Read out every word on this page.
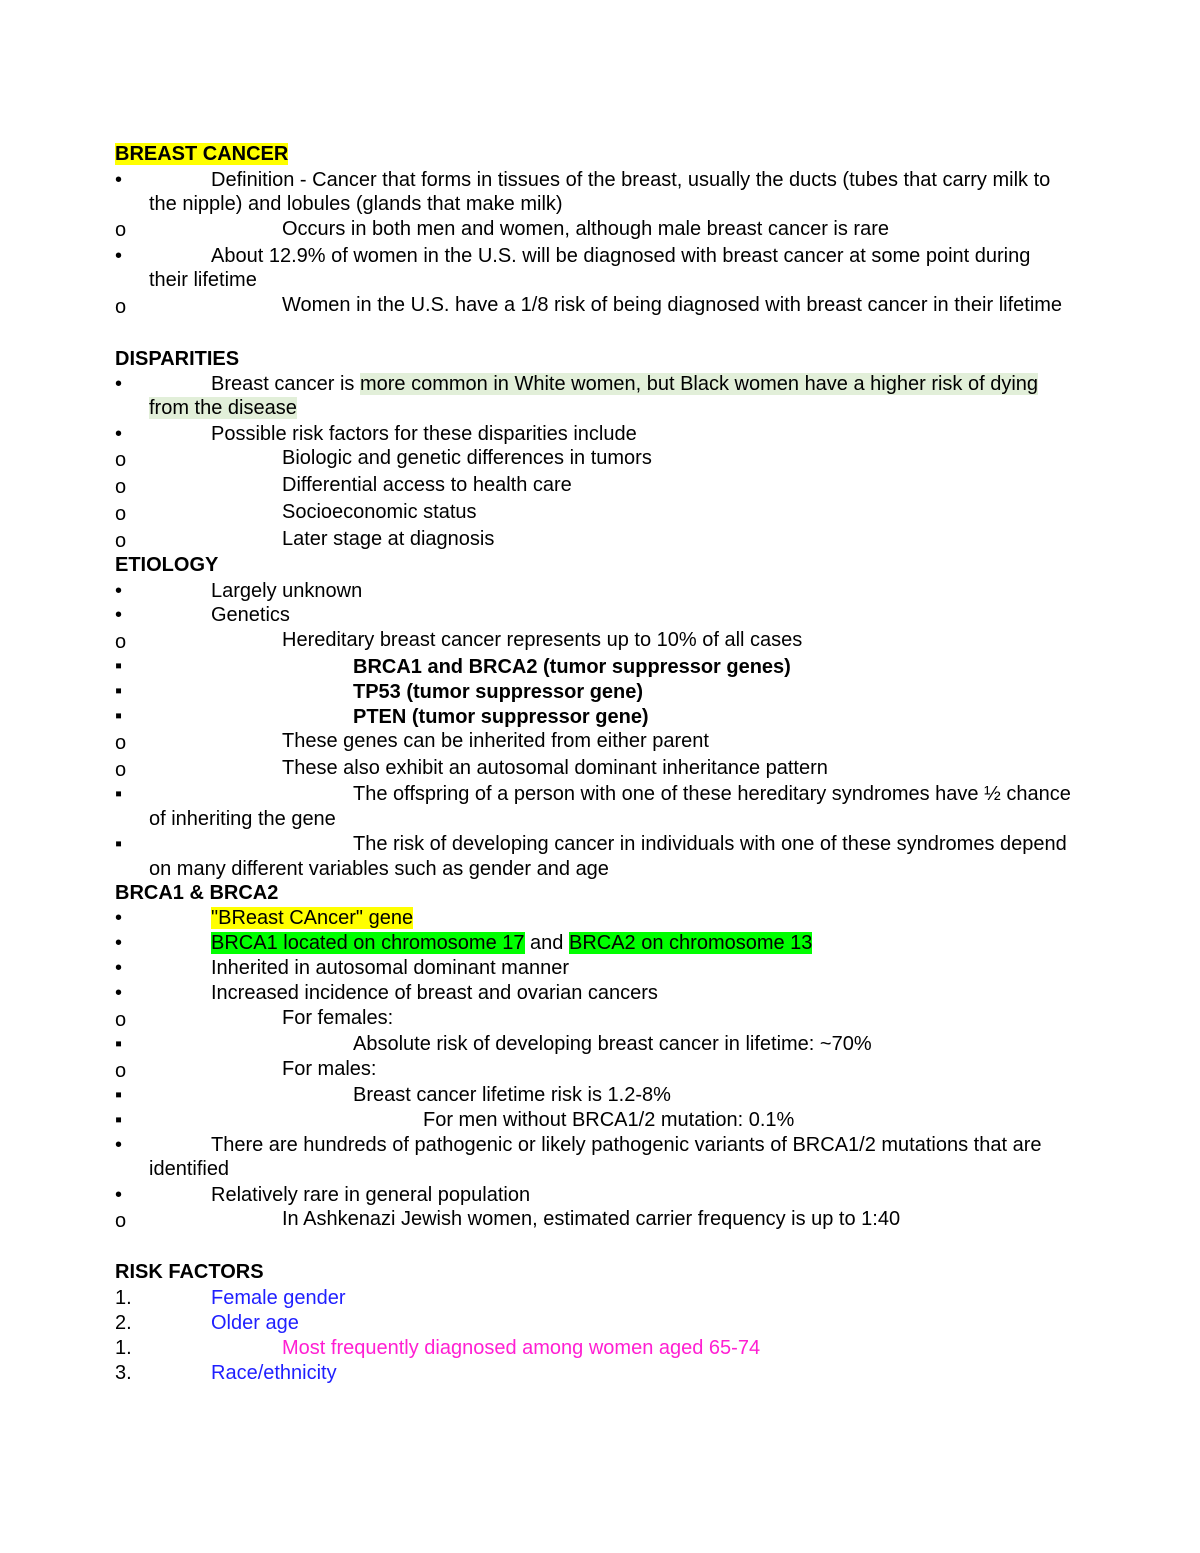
BREAST CANCER
•	Definition - Cancer that forms in tissues of the breast, usually the ducts (tubes that carry milk to
the nipple) and lobules (glands that make milk)
o	Occurs in both men and women, although male breast cancer is rare
•	About 12.9% of women in the U.S. will be diagnosed with breast cancer at some point during
their lifetime
o	Women in the U.S. have a 1/8 risk of being diagnosed with breast cancer in their lifetime
DISPARITIES
•	Breast cancer is more common in White women, but Black women have a higher risk of dying
from the disease
•	Possible risk factors for these disparities include
o	Biologic and genetic differences in tumors
o	Differential access to health care
o	Socioeconomic status
o	Later stage at diagnosis
ETIOLOGY
•	Largely unknown
•	Genetics
o	Hereditary breast cancer represents up to 10% of all cases
▪	BRCA1 and BRCA2 (tumor suppressor genes)
▪	TP53 (tumor suppressor gene)
▪	PTEN (tumor suppressor gene)
o	These genes can be inherited from either parent
o	These also exhibit an autosomal dominant inheritance pattern
▪	The offspring of a person with one of these hereditary syndromes have ½ chance
of inheriting the gene
▪	The risk of developing cancer in individuals with one of these syndromes depend
on many different variables such as gender and age
BRCA1 & BRCA2
•	"BReast CAncer" gene
•	BRCA1 located on chromosome 17 and BRCA2 on chromosome 13
•	Inherited in autosomal dominant manner
•	Increased incidence of breast and ovarian cancers
o	For females:
▪	Absolute risk of developing breast cancer in lifetime: ~70%
o	For males:
▪	Breast cancer lifetime risk is 1.2-8%
▪	For men without BRCA1/2 mutation: 0.1%
•	There are hundreds of pathogenic or likely pathogenic variants of BRCA1/2 mutations that are
identified
•	Relatively rare in general population
o	In Ashkenazi Jewish women, estimated carrier frequency is up to 1:40
RISK FACTORS
1.	Female gender
2.	Older age
1.	Most frequently diagnosed among women aged 65-74
3.	Race/ethnicity
